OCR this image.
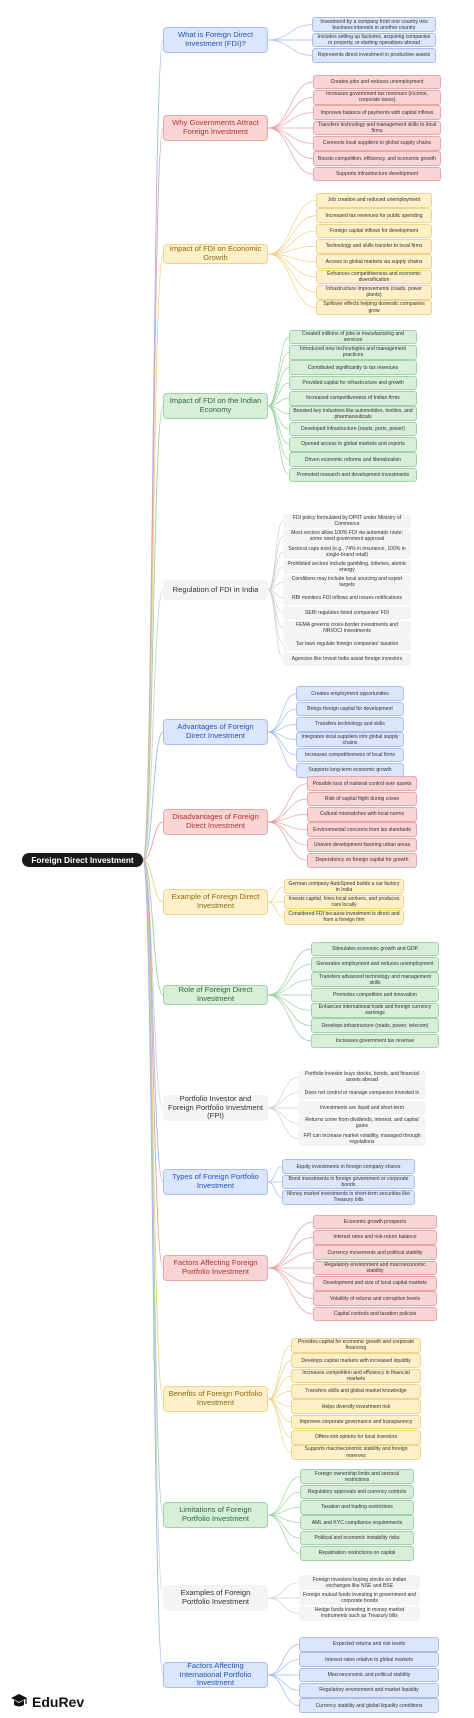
Foreign Direct Investment
EduRev
What is Foreign Direct Investment (FDI)?
Investment by a company from one country into business interests in another country
Includes setting up factories, acquiring companies or property, or starting operations abroad
Represents direct investment in productive assets
Why Governments Attract Foreign Investment
Creates jobs and reduces unemployment
Increases government tax revenues (income, corporate taxes)
Improves balance of payments with capital inflows
Transfers technology and management skills to local firms
Connects local suppliers to global supply chains
Boosts competition, efficiency, and economic growth
Supports infrastructure development
Impact of FDI on Economic Growth
Job creation and reduced unemployment
Increased tax revenues for public spending
Foreign capital inflows for development
Technology and skills transfer to local firms
Access to global markets via supply chains
Enhances competitiveness and economic diversification
Infrastructure improvements (roads, power plants)
Spillover effects helping domestic companies grow
Impact of FDI on the Indian Economy
Created millions of jobs in manufacturing and services
Introduced new technologies and management practices
Contributed significantly to tax revenues
Provided capital for infrastructure and growth
Increased competitiveness of Indian firms
Boosted key industries like automobiles, textiles, and pharmaceuticals
Developed infrastructure (roads, ports, power)
Opened access to global markets and exports
Driven economic reforms and liberalization
Promoted research and development investments
Regulation of FDI in India
FDI policy formulated by DPIIT under Ministry of Commerce
Most sectors allow 100% FDI via automatic route; some need government approval
Sectoral caps exist (e.g., 74% in insurance, 100% in single-brand retail)
Prohibited sectors include gambling, lotteries, atomic energy
Conditions may include local sourcing and export targets
RBI monitors FDI inflows and issues notifications
SEBI regulates listed companies' FDI
FEMA governs cross-border investments and NRI/OCI investments
Tax laws regulate foreign companies' taxation
Agencies like Invest India assist foreign investors
Advantages of Foreign Direct Investment
Creates employment opportunities
Brings foreign capital for development
Transfers technology and skills
Integrates local suppliers into global supply chains
Increases competitiveness of local firms
Supports long-term economic growth
Disadvantages of Foreign Direct Investment
Possible loss of national control over assets
Risk of capital flight during crises
Cultural mismatches with local norms
Environmental concerns from lax standards
Uneven development favoring urban areas
Dependency on foreign capital for growth
Example of Foreign Direct Investment
German company AutoSpeed builds a car factory in India
Invests capital, hires local workers, and produces cars locally
Considered FDI because investment is direct and from a foreign firm
Role of Foreign Direct Investment
Stimulates economic growth and GDP
Generates employment and reduces unemployment
Transfers advanced technology and management skills
Promotes competition and innovation
Enhances international trade and foreign currency earnings
Develops infrastructure (roads, power, telecom)
Increases government tax revenue
Portfolio Investor and Foreign Portfolio Investment (FPI)
Portfolio investor buys stocks, bonds, and financial assets abroad
Does not control or manage companies invested in
Investments are liquid and short-term
Returns come from dividends, interest, and capital gains
FPI can increase market volatility, managed through regulations
Types of Foreign Portfolio Investment
Equity investments in foreign company shares
Bond investments in foreign government or corporate bonds
Money market investments in short-term securities like Treasury bills
Factors Affecting Foreign Portfolio Investment
Economic growth prospects
Interest rates and risk-return balance
Currency movements and political stability
Regulatory environment and macroeconomic stability
Development and size of local capital markets
Volatility of returns and corruption levels
Capital controls and taxation policies
Benefits of Foreign Portfolio Investment
Provides capital for economic growth and corporate financing
Develops capital markets with increased liquidity
Increases competition and efficiency in financial markets
Transfers skills and global market knowledge
Helps diversify investment risk
Improves corporate governance and transparency
Offers exit options for local investors
Supports macroeconomic stability and foreign reserves
Limitations of Foreign Portfolio Investment
Foreign ownership limits and sectoral restrictions
Regulatory approvals and currency controls
Taxation and trading restrictions
AML and KYC compliance requirements
Political and economic instability risks
Repatriation restrictions on capital
Examples of Foreign Portfolio Investment
Foreign investors buying stocks on Indian exchanges like NSE and BSE
Foreign mutual funds investing in government and corporate bonds
Hedge funds investing in money market instruments such as Treasury bills
Factors Affecting International Portfolio Investment
Expected returns and risk levels
Interest rates relative to global markets
Macroeconomic and political stability
Regulatory environment and market liquidity
Currency stability and global liquidity conditions
